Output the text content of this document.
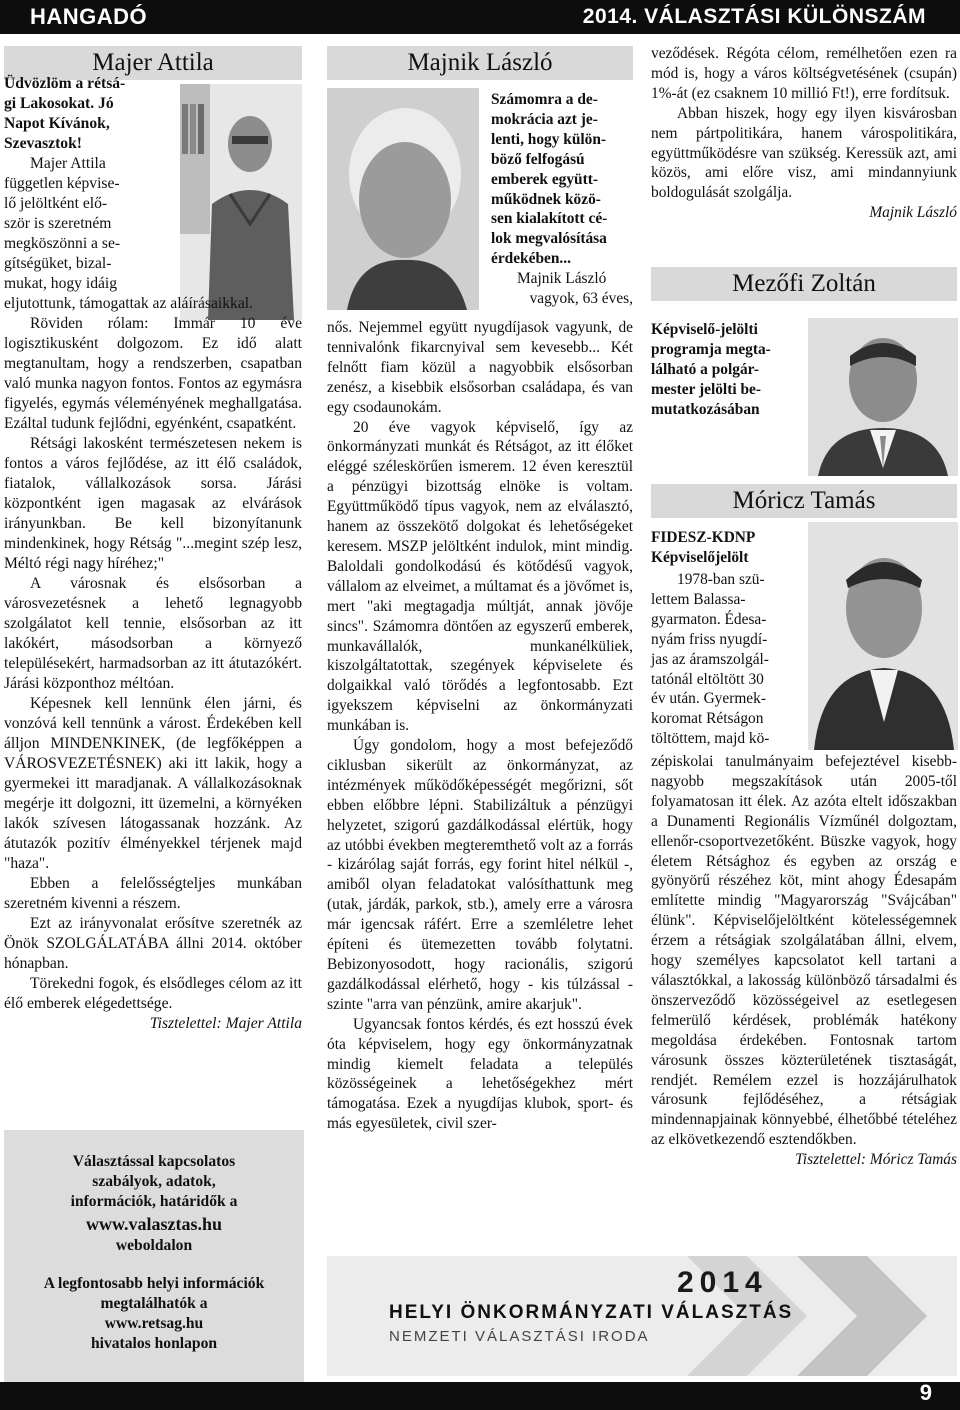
HANGADÓ	2014. VÁLASZTÁSI KÜLÖNSZÁM
Majer Attila	Majnik László
Mezőfi Zoltán
Móricz Tamás

Üdvözlöm a rétsá-

gi Lakosokat. Jó

Napot Kívánok,

Szevasztok!

Majer Attila

független képvise-

lő jelöltként elő-

ször is szeretném

megköszönni a se-

gítségüket, bizal-

mukat, hogy idáig

eljutottunk, támogattak az aláírásaikkal.

Röviden rólam: Immár 10 éve logisztikusként dolgozom. Ez idő alatt megtanultam, hogy a rendszerben, csapatban való munka nagyon fontos. Fontos az egymásra figyelés, egymás véleményének meghallgatása. Ezáltal tudunk fejlődni, egyénként, csapatként.

Rétsági lakosként természetesen nekem is fontos a város fejlődése, az itt élő családok, fiatalok, vállalkozások sorsa. Járási központként igen magasak az elvárások irányunkban. Be kell bizonyítanunk mindenkinek, hogy Rétság "...megint szép lesz, Méltó régi nagy híréhez;"

A városnak és elsősorban a városvezetésnek a lehető legnagyobb szolgálatot kell tennie, elsősorban az itt lakókért, másodsorban a környező településekért, harmadsorban az itt átutazókért. Járási központhoz méltóan.

Képesnek kell lennünk élen járni, és vonzóvá kell tennünk a várost. Érdekében kell álljon MINDENKINEK, (de legfőképpen a VÁROSVEZETÉSNEK) aki itt lakik, hogy a gyermekei itt maradjanak. A vállalkozásoknak megérje itt dolgozni, itt üzemelni, a környéken lakók szívesen látogassanak hozzánk. Az átutazók pozitív élményekkel térjenek majd "haza".

Ebben a felelősségteljes munkában szeretném kivenni a részem.

Ezt az irányvonalat erősítve szeretnék az Önök SZOLGÁLATÁBA állni 2014. október hónapban.

Törekedni fogok, és elsődleges célom az itt élő emberek elégedettsége.

Tisztelettel: Majer Attila

Választással kapcsolatos

szabályok, adatok,

információk, határidők a

www.valasztas.hu

weboldalon

A legfontosabb helyi információk

megtalálhatók a

www.retsag.hu

hivatalos honlapon

Számomra a de-

mokrácia azt je-

lenti, hogy külön-

böző felfogású

emberek együtt-

működnek közö-

sen kialakított cé-

lok megvalósítása

érdekében...

Majnik László

vagyok, 63 éves,

nős. Nejemmel együtt nyugdíjasok vagyunk, de tennivalónk fikarcnyival sem kevesebb... Két felnőtt fiam közül a nagyobbik elsősorban zenész, a kisebbik elsősorban családapa, és van egy csodaunokám.

20 éve vagyok képviselő, így az önkormányzati munkát és Rétságot, az itt élőket eléggé széleskörűen ismerem. 12 éven keresztül a pénzügyi bizottság elnöke is voltam. Együttműködő típus vagyok, nem az elválasztó, hanem az összekötő dolgokat és lehetőségeket keresem. MSZP jelöltként indulok, mint mindig. Baloldali gondolkodású és kötődésű vagyok, vállalom az elveimet, a múltamat és a jövőmet is, mert "aki megtagadja múltját, annak jövője sincs". Számomra döntően az egyszerű emberek, munkavállalók, munkanélküliek, kiszolgáltatottak, szegények képviselete és dolgaikkal való törődés a legfontosabb. Ezt igyekszem képviselni az önkormányzati munkában is.

Úgy gondolom, hogy a most befejeződő ciklusban sikerült az önkormányzat, az intézmények működőképességét megőrizni, sőt ebben előbbre lépni. Stabilizáltuk a pénzügyi helyzetet, szigorú gazdálkodással elértük, hogy az utóbbi években megteremthető volt az a forrás - kizárólag saját forrás, egy forint hitel nélkül -, amiből olyan feladatokat valósíthattunk meg (utak, járdák, parkok, stb.), amely erre a városra már igencsak ráfért. Erre a szemléletre lehet építeni és ütemezetten tovább folytatni. Bebizonyosodott, hogy racionális, szigorú gazdálkodással elérhető, hogy - kis túlzással - szinte "arra van pénzünk, amire akarjuk".

Ugyancsak fontos kérdés, és ezt hosszú évek óta képviselem, hogy egy önkormányzatnak mindig kiemelt feladata a település közösségeinek a lehetőségekhez mért támogatása. Ezek a nyugdíjas klubok, sport- és más egyesületek, civil szer-

veződések. Régóta célom, remélhetően ezen ra mód is, hogy a város költségvetésének (csupán) 1%-át (ez csaknem 10 millió Ft!), erre fordítsuk.

Abban hiszek, hogy egy ilyen kisvárosban nem pártpolitikára, hanem várospolitikára, együttműködésre van szükség. Keressük azt, ami közös, ami előre visz, ami mindannyiunk boldogulását szolgálja.

Majnik László

Képviselő-jelölti

programja megta-

lálható a polgár-

mester jelölti be-

mutatkozásában

FIDESZ-KDNP

Képviselőjelölt

1978-ban szü-

lettem Balassa-

gyarmaton. Édesa-

nyám friss nyugdí-

jas az áramszolgál-

tatónál eltöltött 30

év után. Gyermek-

koromat Rétságon

töltöttem, majd kö-

zépiskolai tanulmányaim befejeztével kisebb-nagyobb megszakítások után 2005-től folyamatosan itt élek. Az azóta eltelt időszakban a Dunamenti Regionális Vízműnél dolgoztam, ellenőr-csoportvezetőként. Büszke vagyok, hogy életem Rétsághoz és egyben az ország e gyönyörű részéhez köt, mint ahogy Édesapám említette mindig "Magyarország "Svájcában" élünk". Képviselőjelöltként kötelességemnek érzem a rétságiak szolgálatában állni, elvem, hogy személyes kapcsolatot kell tartani a választókkal, a lakosság különböző társadalmi és önszerveződő közösségeivel az esetlegesen felmerülő kérdések, problémák hatékony megoldása érdekében. Fontosnak tartom városunk összes közterületének tisztaságát, rendjét. Remélem ezzel is hozzájárulhatok városunk fejlődéséhez, a rétságiak mindennapjainak könnyebbé, élhetőbbé tételéhez az elkövetkezendő esztendőkben.

Tisztelettel: Móricz Tamás

2014
HELYI ÖNKORMÁNYZATI VÁLASZTÁS
NEMZETI VÁLASZTÁSI IRODA
9
